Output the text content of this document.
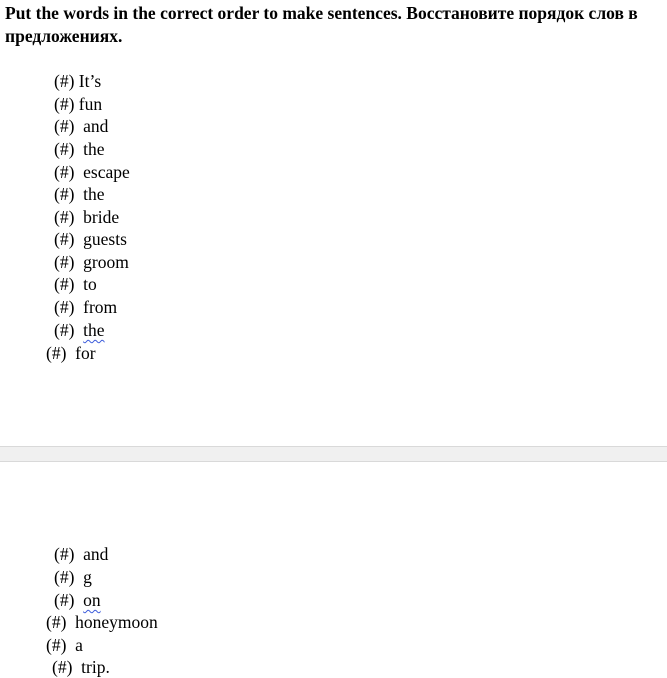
Put the words in the correct order to make sentences. Восстановите порядок слов в предложениях.

(#) It’s
(#) fun
(#) and
(#) the
(#) escape
(#) the
(#) bride
(#) guests
(#) groom
(#) to
(#) from
(#) the
(#) for
(#) and
(#) g
(#) on
(#) honeymoon
(#) a
(#) trip.
